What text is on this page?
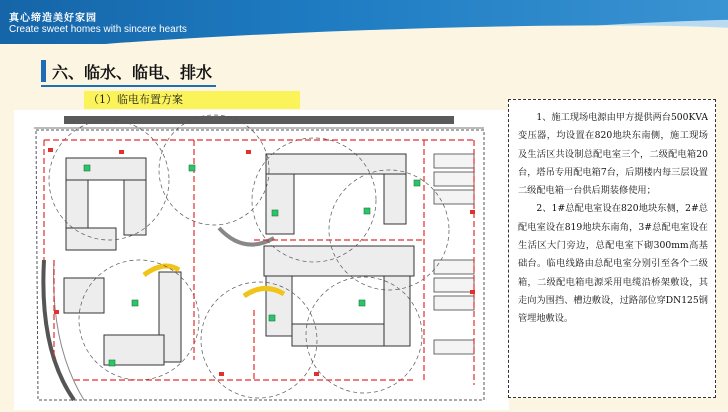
真心缔造美好家园
Create sweet homes with sincere hearts
六、临水、临电、排水
（1）临电布置方案

1、施工现场电源由甲方提供两台500KVA变压器，均设置在820地块东南侧，施工现场及生活区共设制总配电室三个，二级配电箱20台，塔吊专用配电箱7台，后期楼内每三层设置二级配电箱一台供后期装修使用；

2、1#总配电室设在820地块东侧，2#总配电室设在819地块东南角，3#总配电室设在生活区大门旁边，总配电室下砌300mm高基础台。临电线路由总配电室分别引至各个二级箱，二级配电箱电源采用电缆沿桥架敷设，其走向为围挡、槽边敷设，过路部位穿DN125钢管埋地敷设。
